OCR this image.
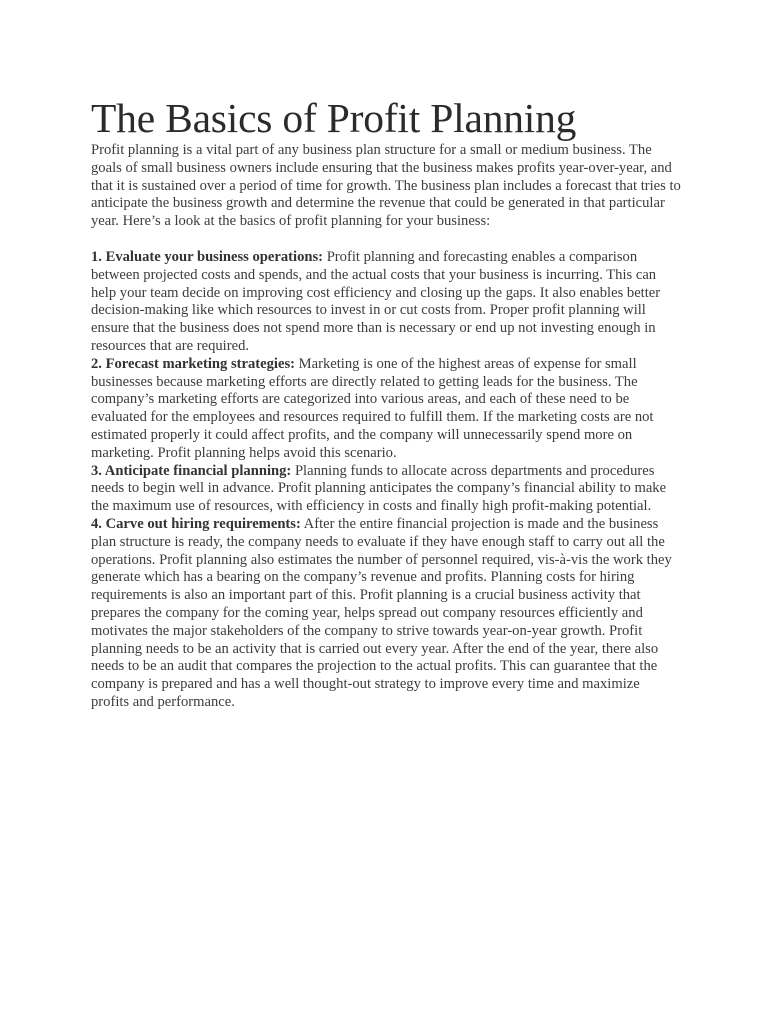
The Basics of Profit Planning

Profit planning is a vital part of any business plan structure for a small or medium business. The goals of small business owners include ensuring that the business makes profits year-over-year, and that it is sustained over a period of time for growth. The business plan includes a forecast that tries to anticipate the business growth and determine the revenue that could be generated in that particular year. Here’s a look at the basics of profit planning for your business:

1. Evaluate your business operations: Profit planning and forecasting enables a comparison between projected costs and spends, and the actual costs that your business is incurring. This can help your team decide on improving cost efficiency and closing up the gaps. It also enables better decision-making like which resources to invest in or cut costs from. Proper profit planning will ensure that the business does not spend more than is necessary or end up not investing enough in resources that are required.

2. Forecast marketing strategies: Marketing is one of the highest areas of expense for small businesses because marketing efforts are directly related to getting leads for the business. The company’s marketing efforts are categorized into various areas, and each of these need to be evaluated for the employees and resources required to fulfill them. If the marketing costs are not estimated properly it could affect profits, and the company will unnecessarily spend more on marketing. Profit planning helps avoid this scenario.

3. Anticipate financial planning: Planning funds to allocate across departments and procedures needs to begin well in advance. Profit planning anticipates the company’s financial ability to make the maximum use of resources, with efficiency in costs and finally high profit-making potential.

4. Carve out hiring requirements: After the entire financial projection is made and the business plan structure is ready, the company needs to evaluate if they have enough staff to carry out all the operations. Profit planning also estimates the number of personnel required, vis-à-vis the work they generate which has a bearing on the company’s revenue and profits. Planning costs for hiring requirements is also an important part of this. Profit planning is a crucial business activity that prepares the company for the coming year, helps spread out company resources efficiently and motivates the major stakeholders of the company to strive towards year-on-year growth. Profit planning needs to be an activity that is carried out every year. After the end of the year, there also needs to be an audit that compares the projection to the actual profits. This can guarantee that the company is prepared and has a well thought-out strategy to improve every time and maximize profits and performance.
